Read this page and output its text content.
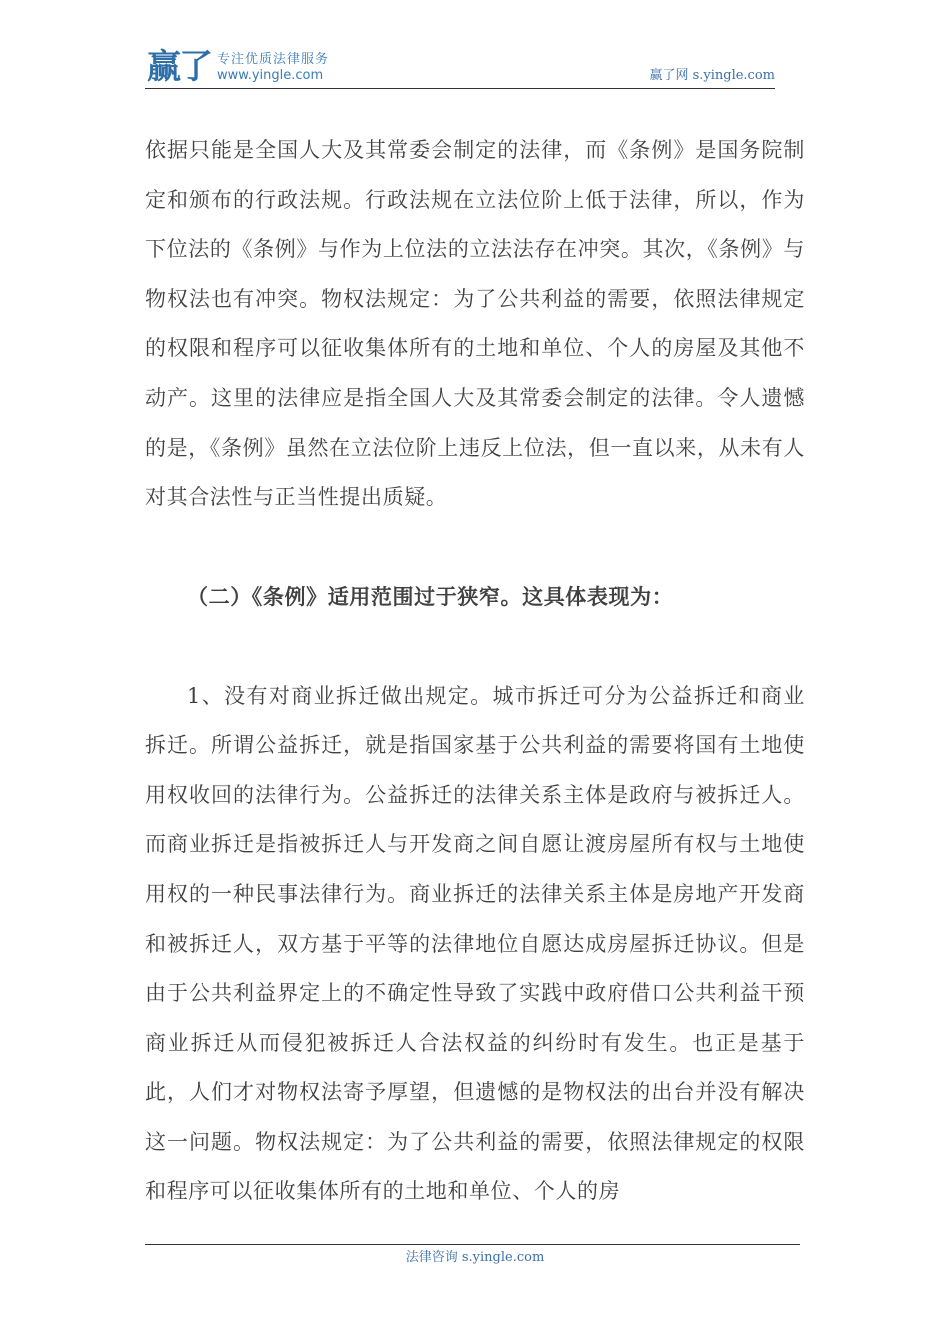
赢了 专注优质法律服务
www.yingle.com	赢了网 s.yingle.com

依据只能是全国人大及其常委会制定的法律，而《条例》是国务院制定和颁布的行政法规。行政法规在立法位阶上低于法律，所以，作为下位法的《条例》与作为上位法的立法法存在冲突。其次，《条例》与物权法也有冲突。物权法规定：为了公共利益的需要，依照法律规定的权限和程序可以征收集体所有的土地和单位、个人的房屋及其他不动产。这里的法律应是指全国人大及其常委会制定的法律。令人遗憾的是，《条例》虽然在立法位阶上违反上位法，但一直以来，从未有人对其合法性与正当性提出质疑。

（二）《条例》适用范围过于狭窄。这具体表现为：

1、没有对商业拆迁做出规定。城市拆迁可分为公益拆迁和商业拆迁。所谓公益拆迁，就是指国家基于公共利益的需要将国有土地使用权收回的法律行为。公益拆迁的法律关系主体是政府与被拆迁人。而商业拆迁是指被拆迁人与开发商之间自愿让渡房屋所有权与土地使用权的一种民事法律行为。商业拆迁的法律关系主体是房地产开发商和被拆迁人，双方基于平等的法律地位自愿达成房屋拆迁协议。但是由于公共利益界定上的不确定性导致了实践中政府借口公共利益干预商业拆迁从而侵犯被拆迁人合法权益的纠纷时有发生。也正是基于此，人们才对物权法寄予厚望，但遗憾的是物权法的出台并没有解决这一问题。物权法规定：为了公共利益的需要，依照法律规定的权限和程序可以征收集体所有的土地和单位、个人的房

法律咨询 s.yingle.com
